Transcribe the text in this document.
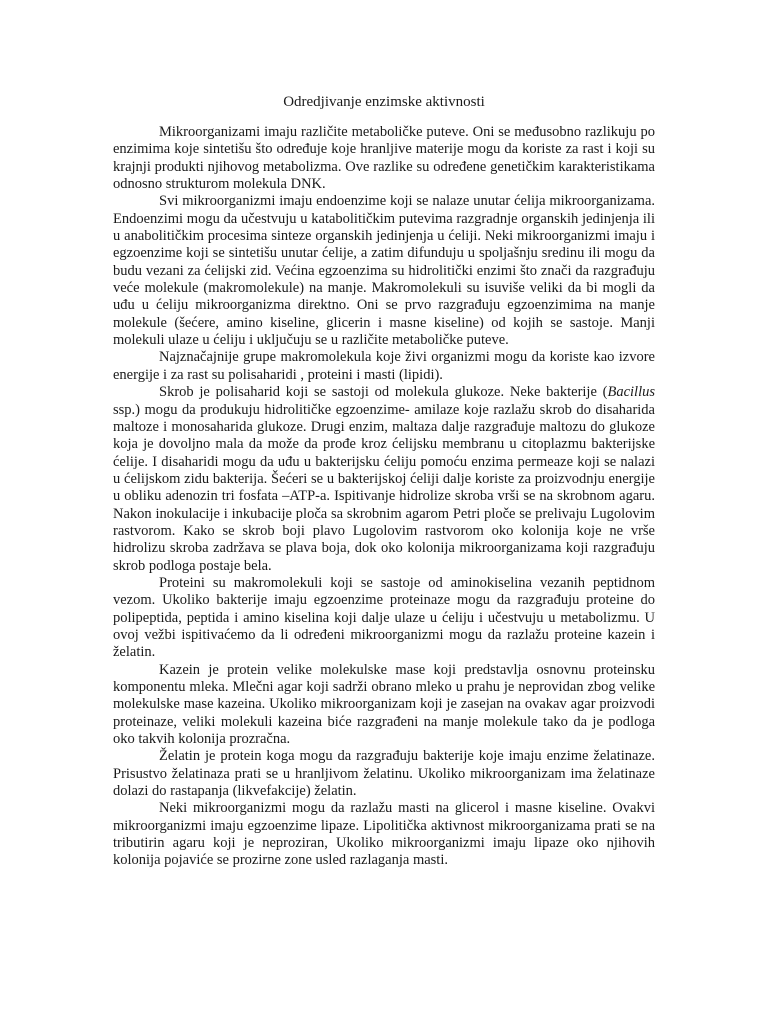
Odredjivanje enzimske aktivnosti

Mikroorganizami imaju različite metaboličke puteve. Oni se međusobno razlikuju po enzimima koje sintetišu što određuje koje hranljive materije mogu da koriste za rast i koji su krajnji produkti njihovog metabolizma. Ove razlike su određene genetičkim karakteristikama odnosno strukturom molekula DNK.

Svi mikroorganizmi imaju endoenzime koji se nalaze unutar ćelija mikroorganizama. Endoenzimi mogu da učestvuju u katabolitičkim putevima razgradnje organskih jedinjenja ili u anabolitičkim procesima sinteze organskih jedinjenja u ćeliji. Neki mikroorganizmi imaju i egzoenzime koji se sintetišu unutar ćelije, a zatim difunduju u spoljašnju sredinu ili mogu da budu vezani za ćelijski zid. Većina egzoenzima su hidrolitički enzimi što znači da razgrađuju veće molekule (makromolekule) na manje. Makromolekuli su isuviše veliki da bi mogli da uđu u ćeliju mikroorganizma direktno. Oni se prvo razgrađuju egzoenzimima na manje molekule (šećere, amino kiseline, glicerin i masne kiseline) od kojih se sastoje. Manji molekuli ulaze u ćeliju i uključuju se u različite metaboličke puteve.

Najznačajnije grupe makromolekula koje živi organizmi mogu da koriste kao izvore energije i za rast su polisaharidi , proteini i masti (lipidi).

Skrob je polisaharid koji se sastoji od molekula glukoze. Neke bakterije (Bacillus ssp.) mogu da produkuju hidrolitičke egzoenzime- amilaze koje razlažu skrob do disaharida maltoze i monosaharida glukoze. Drugi enzim, maltaza dalje razgrađuje maltozu do glukoze koja je dovoljno mala da može da prođe kroz ćelijsku membranu u citoplazmu bakterijske ćelije. I disaharidi mogu da uđu u bakterijsku ćeliju pomoću enzima permeaze koji se nalazi u ćelijskom zidu bakterija. Šećeri se u bakterijskoj ćeliji dalje koriste za proizvodnju energije u obliku adenozin tri fosfata –ATP-a. Ispitivanje hidrolize skroba vrši se na skrobnom agaru. Nakon inokulacije i inkubacije ploča sa skrobnim agarom Petri ploče se prelivaju Lugolovim rastvorom. Kako se skrob boji plavo Lugolovim rastvorom oko kolonija koje ne vrše hidrolizu skroba zadržava se plava boja, dok oko kolonija mikroorganizama koji razgrađuju skrob podloga postaje bela.

Proteini su makromolekuli koji se sastoje od aminokiselina vezanih peptidnom vezom. Ukoliko bakterije imaju egzoenzime proteinaze mogu da razgrađuju proteine do polipeptida, peptida i amino kiselina koji dalje ulaze u ćeliju i učestvuju u metabolizmu. U ovoj vežbi ispitivaćemo da li određeni mikroorganizmi mogu da razlažu proteine kazein i želatin.

Kazein je protein velike molekulske mase koji predstavlja osnovnu proteinsku komponentu mleka. Mlečni agar koji sadrži obrano mleko u prahu je neprovidan zbog velike molekulske mase kazeina. Ukoliko mikroorganizam koji je zasejan na ovakav agar proizvodi proteinaze, veliki molekuli kazeina biće razgrađeni na manje molekule tako da je podloga oko takvih kolonija prozračna.

Želatin je protein koga mogu da razgrađuju bakterije koje imaju enzime želatinaze. Prisustvo želatinaza prati se u hranljivom želatinu. Ukoliko mikroorganizam ima želatinaze dolazi do rastapanja (likvefakcije) želatin.

Neki mikroorganizmi mogu da razlažu masti na glicerol i masne kiseline. Ovakvi mikroorganizmi imaju egzoenzime lipaze. Lipolitička aktivnost mikroorganizama prati se na tributirin agaru koji je neproziran, Ukoliko mikroorganizmi imaju lipaze oko njihovih kolonija pojaviće se prozirne zone usled razlaganja masti.
